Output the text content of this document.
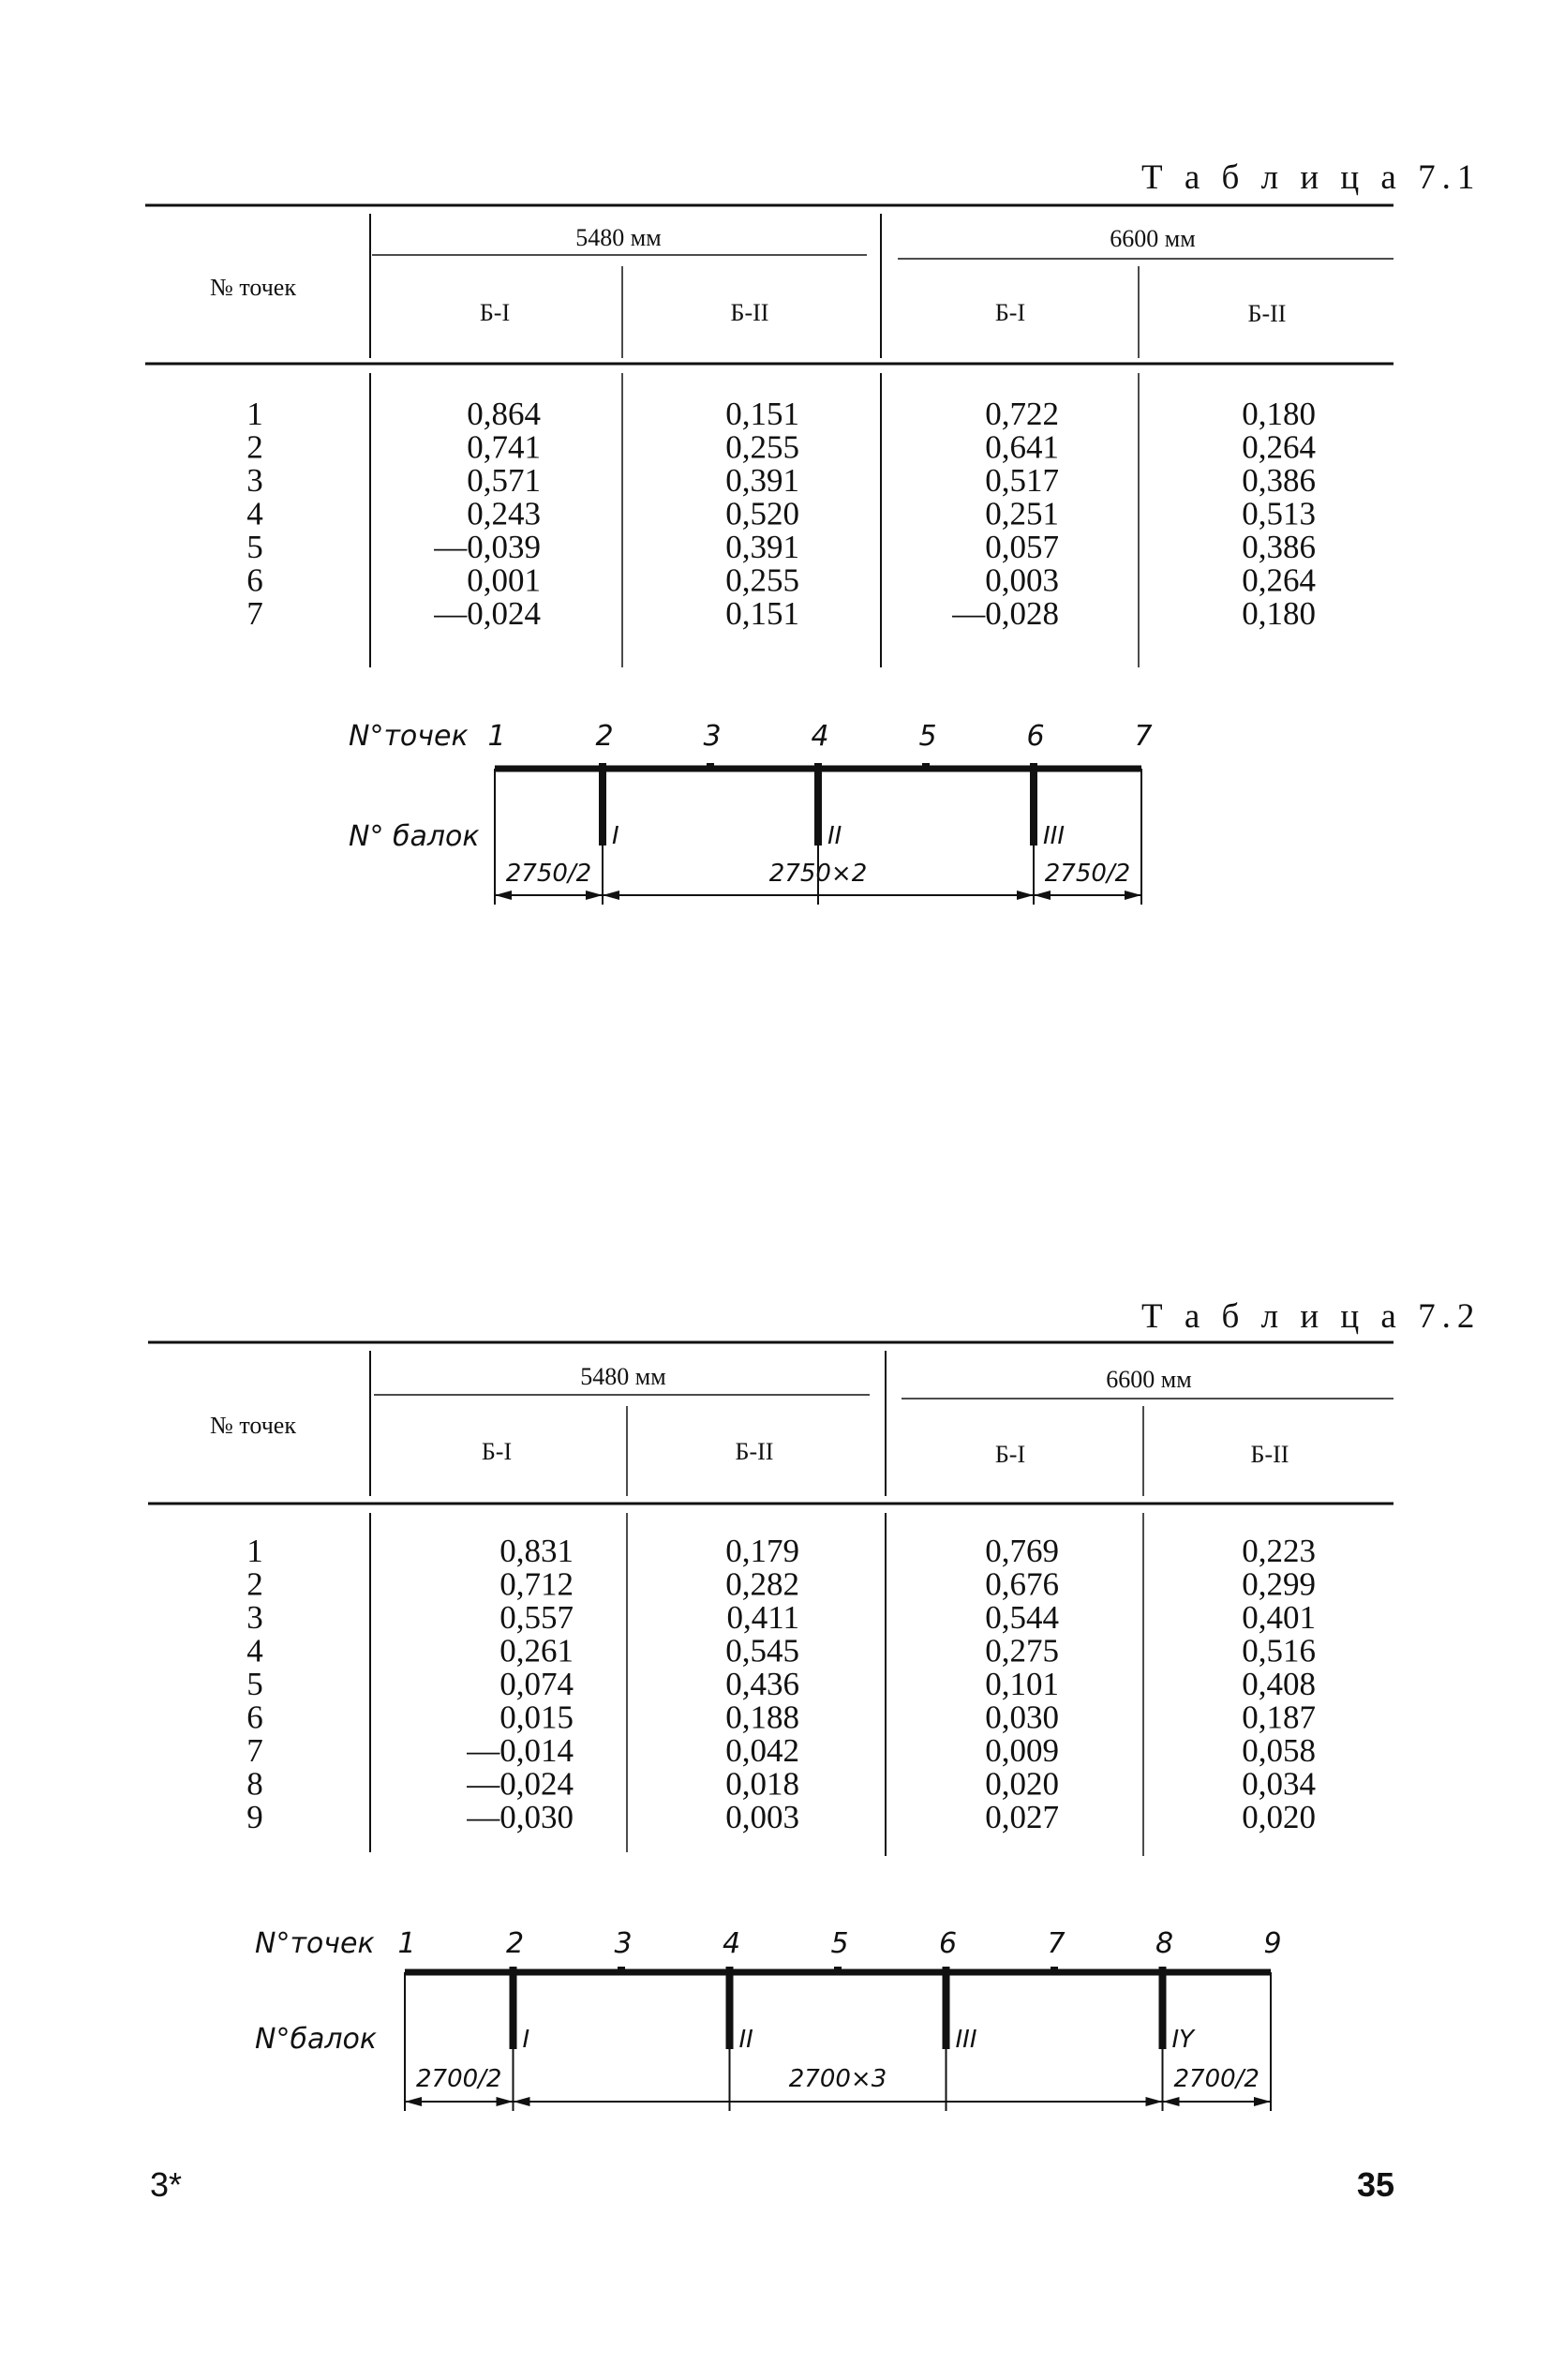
Т а б л и ц а 7.1
№ точек
5480 мм	6600 мм
Б-I	Б-II	Б-I	Б-II
1	0,864	0,151	0,722	0,180
2	0,741	0,255	0,641	0,264
3	0,571	0,391	0,517	0,386
4	0,243	0,520	0,251	0,513
5	—0,039	0,391	0,057	0,386
6	0,001	0,255	0,003	0,264
7	—0,024	0,151	—0,028	0,180
N°точек
N° балок
1	2	3	4	5	6	7
I	II	III
2750/2	2750×2	2750/2
Т а б л и ц а 7.2
№ точек
5480 мм	6600 мм
Б-I	Б-II	Б-I	Б-II
1	0,831	0,179	0,769	0,223
2	0,712	0,282	0,676	0,299
3	0,557	0,411	0,544	0,401
4	0,261	0,545	0,275	0,516
5	0,074	0,436	0,101	0,408
6	0,015	0,188	0,030	0,187
7	—0,014	0,042	0,009	0,058
8	—0,024	0,018	0,020	0,034
9	—0,030	0,003	0,027	0,020
N°точек
N°балок
1	2	3	4	5	6	7	8	9
I	II	III	IY
2700/2	2700×3	2700/2
3*	35
